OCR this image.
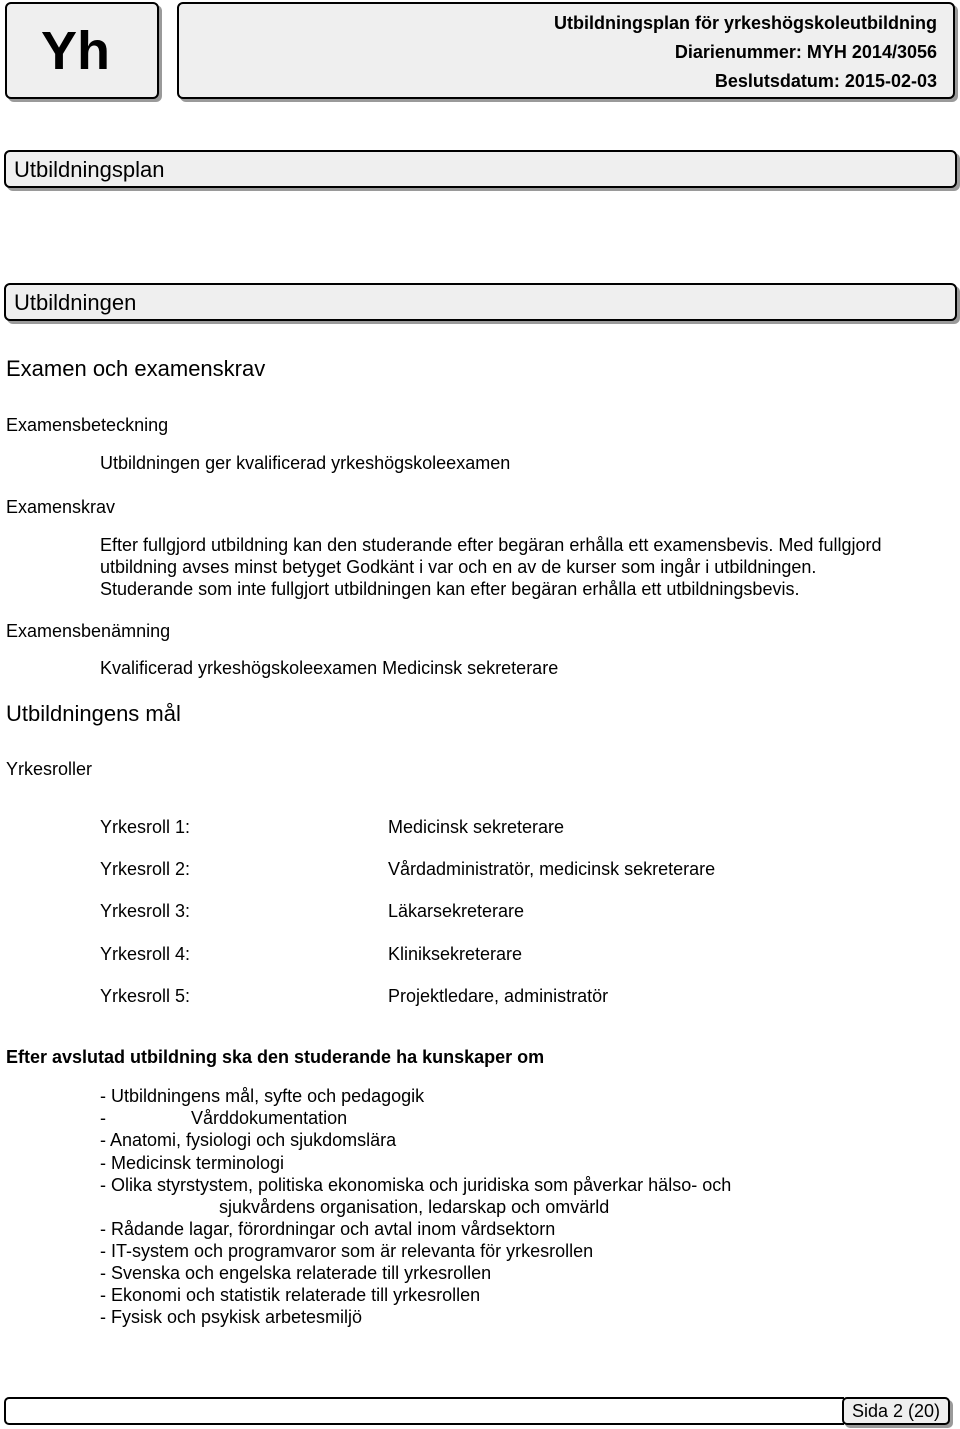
Yh	Utbildningsplan för yrkeshögskoleutbildning
Diarienummer: MYH 2014/3056
Beslutsdatum: 2015-02-03
Utbildningsplan
Utbildningen
Examen och examenskrav
Examensbeteckning
Utbildningen ger kvalificerad yrkeshögskoleexamen
Examenskrav
Efter fullgjord utbildning kan den studerande efter begäran erhålla ett examensbevis. Med fullgjord
utbildning avses minst betyget Godkänt i var och en av de kurser som ingår i utbildningen.
Studerande som inte fullgjort utbildningen kan efter begäran erhålla ett utbildningsbevis.
Examensbenämning
Kvalificerad yrkeshögskoleexamen Medicinsk sekreterare
Utbildningens mål
Yrkesroller
Yrkesroll 1:	Medicinsk sekreterare
Yrkesroll 2:	Vårdadministratör, medicinsk sekreterare
Yrkesroll 3:	Läkarsekreterare
Yrkesroll 4:	Kliniksekreterare
Yrkesroll 5:	Projektledare, administratör
Efter avslutad utbildning ska den studerande ha kunskaper om
- Utbildningens mål, syfte och pedagogik
-                 Vårddokumentation
- Anatomi, fysiologi och sjukdomslära
- Medicinsk terminologi
- Olika styrstystem, politiska ekonomiska och juridiska som påverkar hälso- och
sjukvårdens organisation, ledarskap och omvärld
- Rådande lagar, förordningar och avtal inom vårdsektorn
- IT-system och programvaror som är relevanta för yrkesrollen
- Svenska och engelska relaterade till yrkesrollen
- Ekonomi och statistik relaterade till yrkesrollen
- Fysisk och psykisk arbetesmiljö
Sida 2 (20)
